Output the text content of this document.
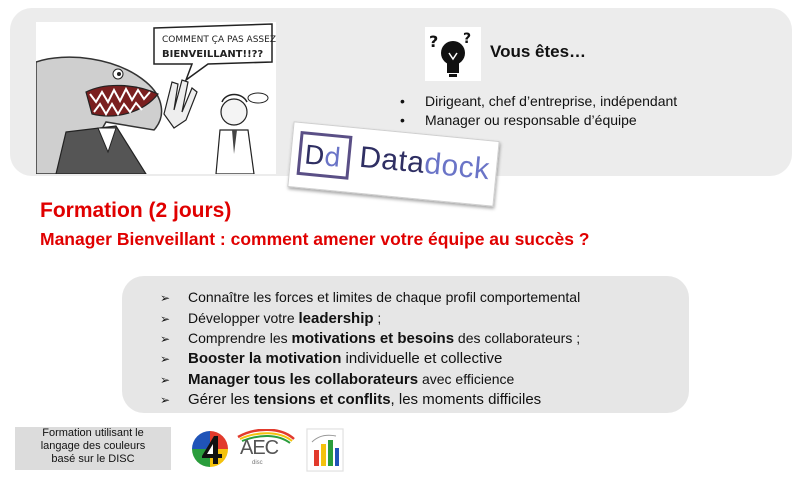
COMMENT ÇA PAS ASSEZ
BIENVEILLANT!!??
? ?
Vous êtes…
• Dirigeant, chef d’entreprise, indépendant
• Manager ou responsable d’équipe
D
d Datadock
Formation (2 jours)
Manager Bienveillant : comment amener votre équipe au succès ?
➢ Connaître les forces et limites de chaque profil comportemental
➢ Développer votre leadership ;
➢ Comprendre les motivations et besoins des collaborateurs ;
➢ Booster la motivation individuelle et collective
➢ Manager tous les collaborateurs avec efficience
➢ Gérer les tensions et conflits, les moments difficiles
Formation utilisant le
langage des couleurs
basé sur le DISC	AEC
disc
